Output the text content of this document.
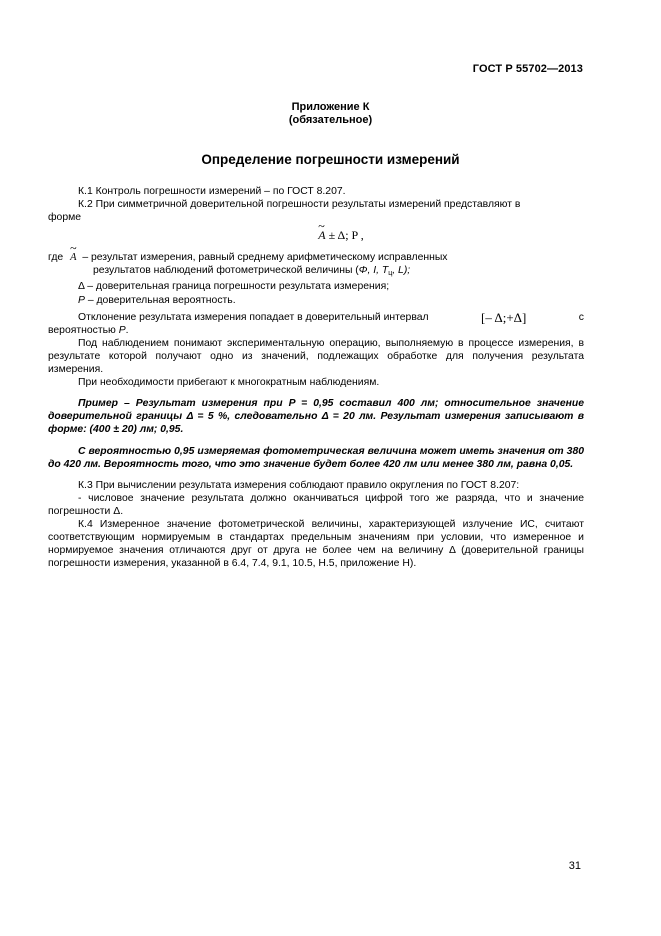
ГОСТ Р 55702—2013
Приложение К
(обязательное)
Определение погрешности измерений

К.1 Контроль погрешности измерений – по ГОСТ 8.207.

К.2 При симметричной доверительной погрешности результаты измерений представляют в

форме

~ A ± Δ; P ,
где ~ A – результат измерения, равный среднему арифметическому исправленных
результатов наблюдений фотометрической величины (Φ, I, $T_ц$, L);
Δ – доверительная граница погрешности результата измерения;
P – доверительная вероятность.
Отклонение результата измерения попадает в доверительный интервал	[– Δ;+Δ]	с

вероятностью P.

Под наблюдением понимают экспериментальную операцию, выполняемую в процессе измерения, в результате которой получают одно из значений, подлежащих обработке для получения результата измерения.

При необходимости прибегают к многократным наблюдениям.

Пример – Результат измерения при P = 0,95 составил 400 лм; относительное значение доверительной границы Δ = 5 %, следовательно Δ = 20 лм. Результат измерения записывают в форме: (400 ± 20) лм; 0,95.

С вероятностью 0,95 измеряемая фотометрическая величина может иметь значения от 380 до 420 лм. Вероятность того, что это значение будет более 420 лм или менее 380 лм, равна 0,05.

К.3 При вычислении результата измерения соблюдают правило округления по ГОСТ 8.207:

- числовое значение результата должно оканчиваться цифрой того же разряда, что и значение погрешности Δ.

К.4 Измеренное значение фотометрической величины, характеризующей излучение ИС, считают соответствующим нормируемым в стандартах предельным значениям при условии, что измеренное и нормируемое значения отличаются друг от друга не более чем на величину Δ (доверительной границы погрешности измерения, указанной в 6.4, 7.4, 9.1, 10.5, Н.5, приложение Н).

31
